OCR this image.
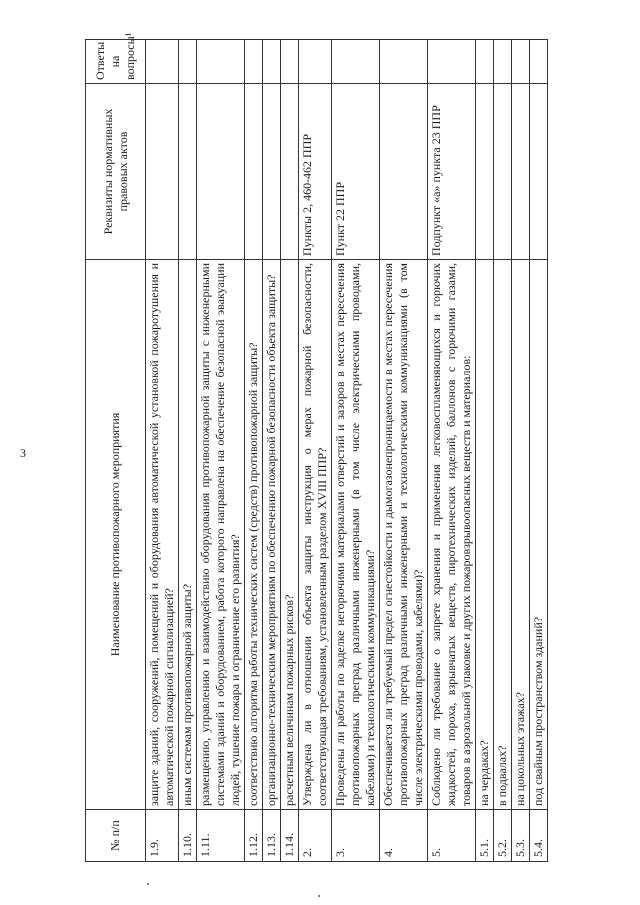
3
№ п/п	Наименование противопожарного мероприятия	Реквизиты нормативных правовых актов	Ответы на вопросы¹
1.9.	защите зданий, сооружений, помещений и оборудования автоматической установкой пожаротушения и автоматической пожарной сигнализацией?		
1.10.	иным системам противопожарной защиты?		
1.11.	размещению, управлению и взаимодействию оборудования противопожарной защиты с инженерными системами зданий и оборудованием, работа которого направлена на обеспечение безопасной эвакуации людей, тушение пожара и ограничение его развития?		
1.12.	соответствию алгоритма работы технических систем (средств) противопожарной защиты?		
1.13.	организационно-техническим мероприятиям по обеспечению пожарной безопасности объекта защиты?		
1.14.	расчетным величинам пожарных рисков?		
2.	Утверждена ли в отношении объекта защиты инструкция о мерах пожарной безопасности, соответствующая требованиям, установленным разделом XVIII ППР?	Пункты 2, 460-462 ППР	
3.	Проведены ли работы по заделке негорючими материалами отверстий и зазоров в местах пересечения противопожарных преград различными инженерными (в том числе электрическими проводами, кабелями) и технологическими коммуникациями?	Пункт 22 ППР	
4.	Обеспечивается ли требуемый предел огнестойкости и дымогазонепроницаемости в местах пересечения противопожарных преград различными инженерными и технологическими коммуникациями (в том числе электрическими проводами, кабелями)?		
5.	Соблюдено ли требование о запрете хранения и применения легковоспламеняющихся и горючих жидкостей, пороха, взрывчатых веществ, пиротехнических изделий, баллонов с горючими газами, товаров в аэрозольной упаковке и других пожаровзрывоопасных веществ и материалов:	Подпункт «а» пункта 23 ППР	
5.1.	на чердаках?		
5.2.	в подвалах?		
5.3.	на цокольных этажах?		
5.4.	под свайным пространством зданий?		
